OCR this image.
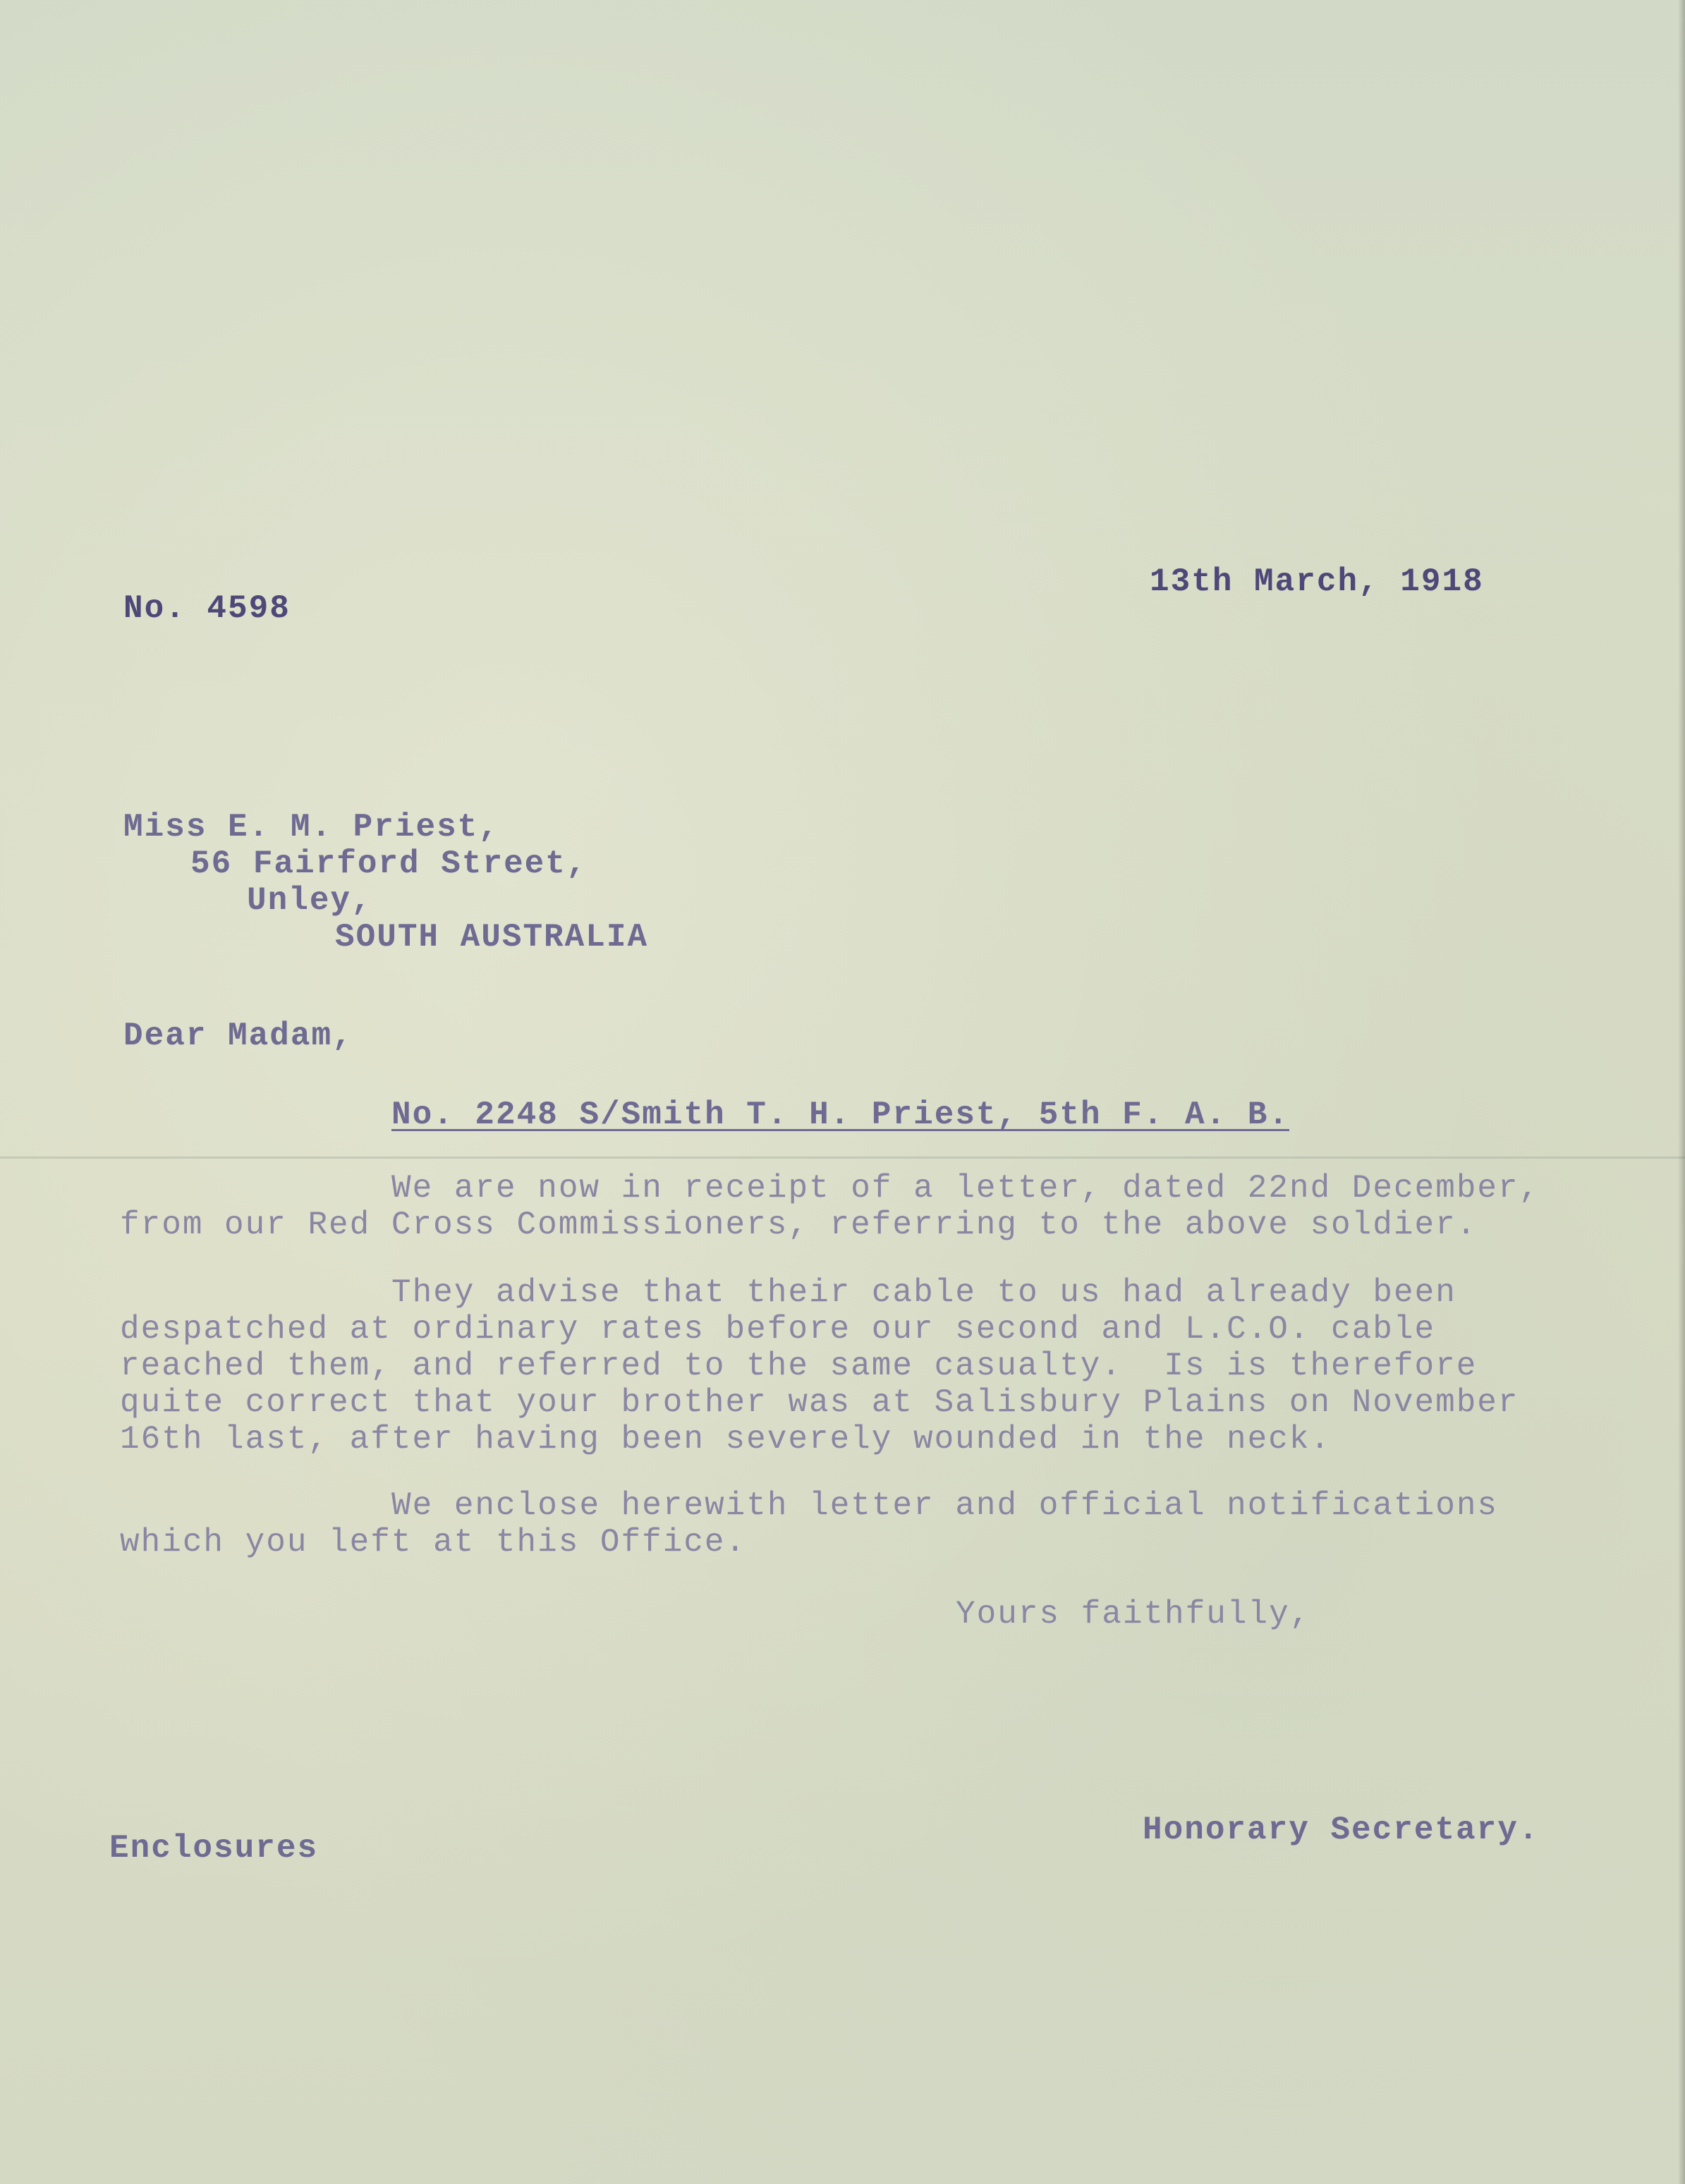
13th March, 1918
No. 4598
Miss E. M. Priest,
56 Fairford Street,
Unley,
SOUTH AUSTRALIA
Dear Madam,
No. 2248 S/Smith T. H. Priest, 5th F. A. B.
We are now in receipt of a letter, dated 22nd December,
from our Red Cross Commissioners, referring to the above soldier.
They advise that their cable to us had already been
despatched at ordinary rates before our second and L.C.O. cable
reached them, and referred to the same casualty.  Is is therefore
quite correct that your brother was at Salisbury Plains on November
16th last, after having been severely wounded in the neck.
We enclose herewith letter and official notifications
which you left at this Office.
Yours faithfully,
Honorary Secretary.
Enclosures
